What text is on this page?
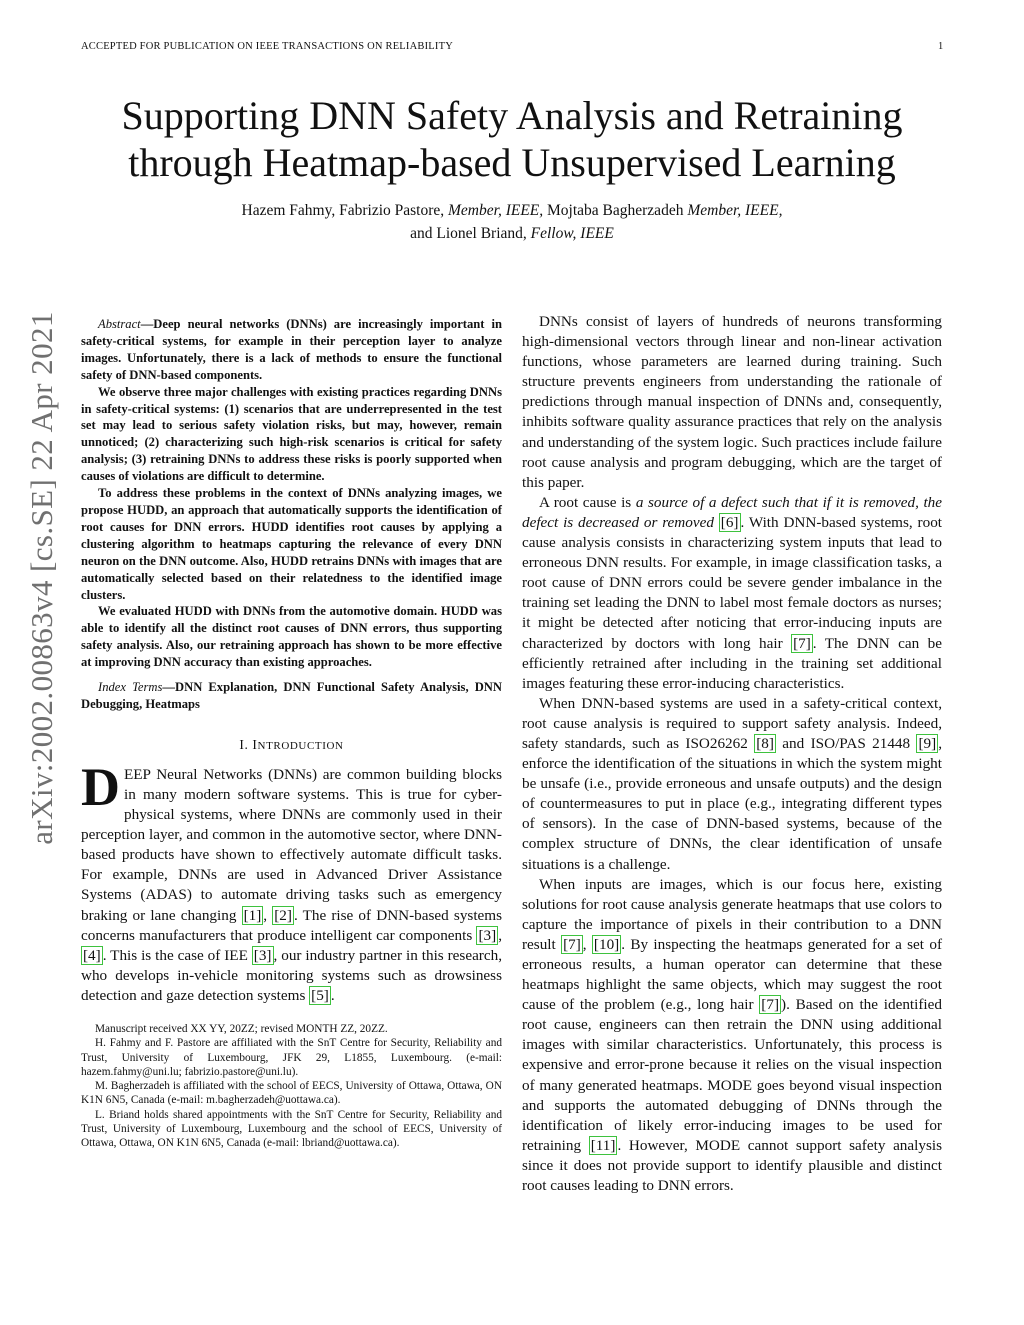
ACCEPTED FOR PUBLICATION ON IEEE TRANSACTIONS ON RELIABILITY	1
arXiv:2002.00863v4 [cs.SE] 22 Apr 2021
Supporting DNN Safety Analysis and Retraining
through Heatmap-based Unsupervised Learning
Hazem Fahmy, Fabrizio Pastore, Member, IEEE, Mojtaba Bagherzadeh Member, IEEE,
and Lionel Briand, Fellow, IEEE

Abstract—Deep neural networks (DNNs) are increasingly important in safety-critical systems, for example in their perception layer to analyze images. Unfortunately, there is a lack of methods to ensure the functional safety of DNN-based components.

We observe three major challenges with existing practices regarding DNNs in safety-critical systems: (1) scenarios that are underrepresented in the test set may lead to serious safety violation risks, but may, however, remain unnoticed; (2) characterizing such high-risk scenarios is critical for safety analysis; (3) retraining DNNs to address these risks is poorly supported when causes of violations are difficult to determine.

To address these problems in the context of DNNs analyzing images, we propose HUDD, an approach that automatically supports the identification of root causes for DNN errors. HUDD identifies root causes by applying a clustering algorithm to heatmaps capturing the relevance of every DNN neuron on the DNN outcome. Also, HUDD retrains DNNs with images that are automatically selected based on their relatedness to the identified image clusters.

We evaluated HUDD with DNNs from the automotive domain. HUDD was able to identify all the distinct root causes of DNN errors, thus supporting safety analysis. Also, our retraining approach has shown to be more effective at improving DNN accuracy than existing approaches.

Index Terms—DNN Explanation, DNN Functional Safety Analysis, DNN Debugging, Heatmaps

I. INTRODUCTION

DEEP Neural Networks (DNNs) are common building blocks in many modern software systems. This is true for cyber-physical systems, where DNNs are commonly used in their perception layer, and common in the automotive sector, where DNN-based products have shown to effectively automate difficult tasks. For example, DNNs are used in Advanced Driver Assistance Systems (ADAS) to automate driving tasks such as emergency braking or lane changing [1] , [2] . The rise of DNN-based systems concerns manufacturers that produce intelligent car components [3] , [4] . This is the case of IEE [3] , our industry partner in this research, who develops in-vehicle monitoring systems such as drowsiness detection and gaze detection systems [5] .

Manuscript received XX YY, 20ZZ; revised MONTH ZZ, 20ZZ.

H. Fahmy and F. Pastore are affiliated with the SnT Centre for Security, Reliability and Trust, University of Luxembourg, JFK 29, L1855, Luxembourg. (e-mail: hazem.fahmy@uni.lu; fabrizio.pastore@uni.lu).

M. Bagherzadeh is affiliated with the school of EECS, University of Ottawa, Ottawa, ON K1N 6N5, Canada (e-mail: m.bagherzadeh@uottawa.ca).

L. Briand holds shared appointments with the SnT Centre for Security, Reliability and Trust, University of Luxembourg, Luxembourg and the school of EECS, University of Ottawa, Ottawa, ON K1N 6N5, Canada (e-mail: lbriand@uottawa.ca).

DNNs consist of layers of hundreds of neurons transforming high-dimensional vectors through linear and non-linear activation functions, whose parameters are learned during training. Such structure prevents engineers from understanding the rationale of predictions through manual inspection of DNNs and, consequently, inhibits software quality assurance practices that rely on the analysis and understanding of the system logic. Such practices include failure root cause analysis and program debugging, which are the target of this paper.

A root cause is a source of a defect such that if it is removed, the defect is decreased or removed [6] . With DNN-based systems, root cause analysis consists in characterizing system inputs that lead to erroneous DNN results. For example, in image classification tasks, a root cause of DNN errors could be severe gender imbalance in the training set leading the DNN to label most female doctors as nurses; it might be detected after noticing that error-inducing inputs are characterized by doctors with long hair [7] . The DNN can be efficiently retrained after including in the training set additional images featuring these error-inducing characteristics.

When DNN-based systems are used in a safety-critical context, root cause analysis is required to support safety analysis. Indeed, safety standards, such as ISO26262 [8] and ISO/PAS 21448 [9] , enforce the identification of the situations in which the system might be unsafe (i.e., provide erroneous and unsafe outputs) and the design of countermeasures to put in place (e.g., integrating different types of sensors). In the case of DNN-based systems, because of the complex structure of DNNs, the clear identification of unsafe situations is a challenge.

When inputs are images, which is our focus here, existing solutions for root cause analysis generate heatmaps that use colors to capture the importance of pixels in their contribution to a DNN result [7] , [10] . By inspecting the heatmaps generated for a set of erroneous results, a human operator can determine that these heatmaps highlight the same objects, which may suggest the root cause of the problem (e.g., long hair [7] ). Based on the identified root cause, engineers can then retrain the DNN using additional images with similar characteristics. Unfortunately, this process is expensive and error-prone because it relies on the visual inspection of many generated heatmaps. MODE goes beyond visual inspection and supports the automated debugging of DNNs through the identification of likely error-inducing images to be used for retraining [11] . However, MODE cannot support safety analysis since it does not provide support to identify plausible and distinct root causes leading to DNN errors.
